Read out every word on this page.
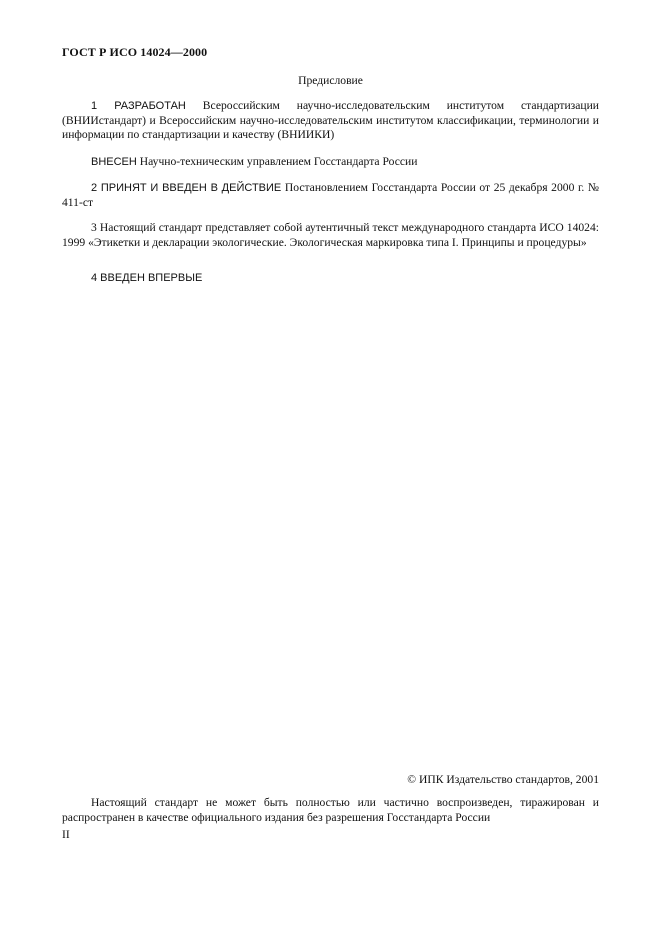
ГОСТ Р ИСО 14024—2000
Предисловие

1 РАЗРАБОТАН Всероссийским научно-исследовательским институтом стандартизации (ВНИИстандарт) и Всероссийским научно-исследовательским институтом классификации, терминологии и информации по стандартизации и качеству (ВНИИКИ)

ВНЕСЕН Научно-техническим управлением Госстандарта России

2 ПРИНЯТ И ВВЕДЕН В ДЕЙСТВИЕ Постановлением Госстандарта России от 25 декабря 2000 г. № 411-ст

3 Настоящий стандарт представляет собой аутентичный текст международного стандарта ИСО 14024: 1999 «Этикетки и декларации экологические. Экологическая маркировка типа I. Принципы и процедуры»

4 ВВЕДЕН ВПЕРВЫЕ

© ИПК Издательство стандартов, 2001

Настоящий стандарт не может быть полностью или частично воспроизведен, тиражирован и распространен в качестве официального издания без разрешения Госстандарта России

II
